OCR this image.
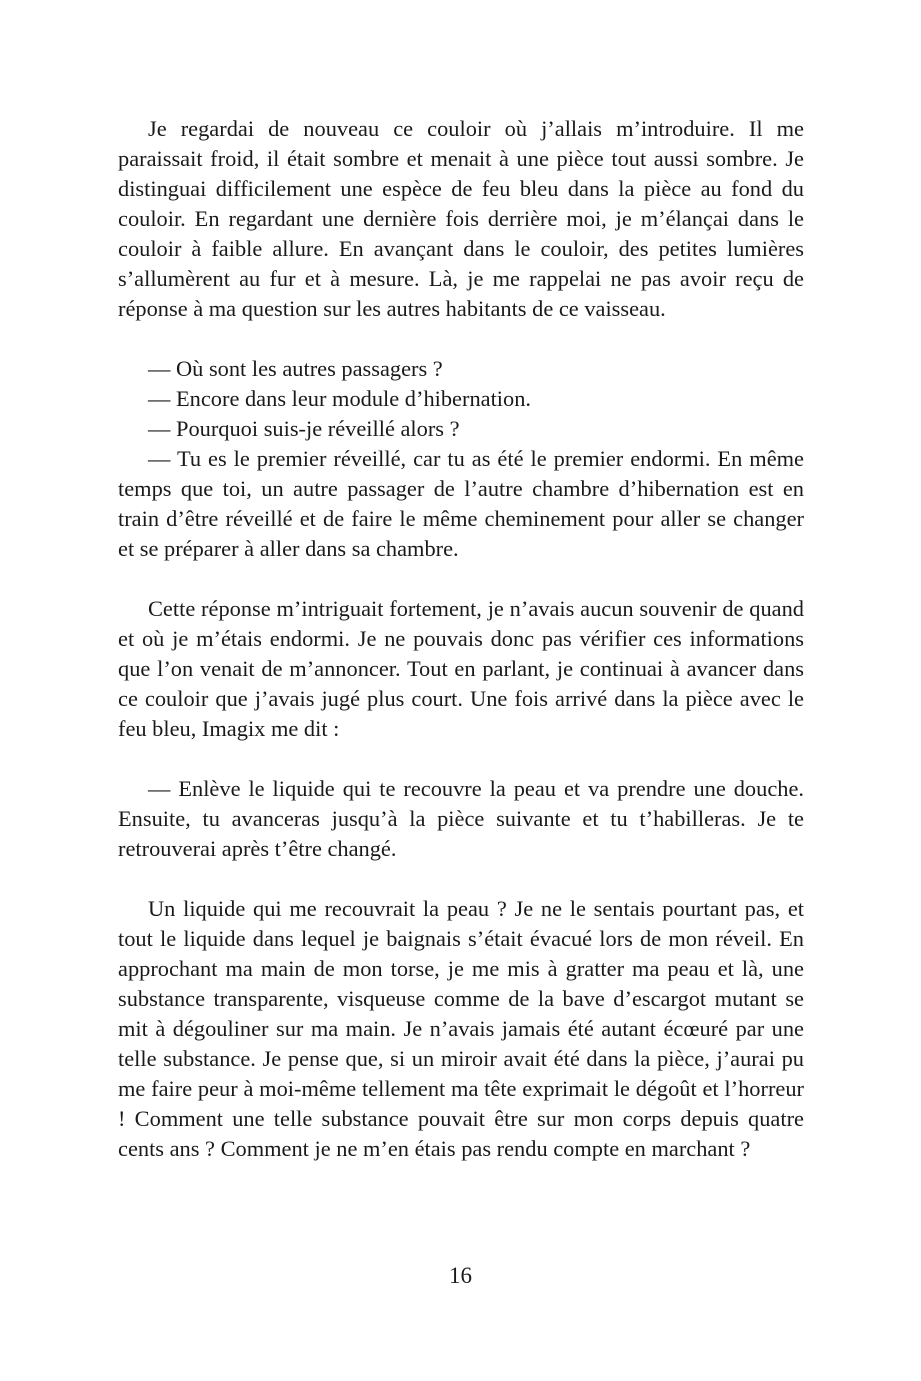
Je regardai de nouveau ce couloir où j’allais m’introduire. Il me paraissait froid, il était sombre et menait à une pièce tout aussi sombre. Je distinguai difficilement une espèce de feu bleu dans la pièce au fond du couloir. En regardant une dernière fois derrière moi, je m’élançai dans le couloir à faible allure. En avançant dans le couloir, des petites lumières s’allumèrent au fur et à mesure. Là, je me rappelai ne pas avoir reçu de réponse à ma question sur les autres habitants de ce vaisseau.

— Où sont les autres passagers ?

— Encore dans leur module d’hibernation.

— Pourquoi suis-je réveillé alors ?

— Tu es le premier réveillé, car tu as été le premier endormi. En même temps que toi, un autre passager de l’autre chambre d’hibernation est en train d’être réveillé et de faire le même cheminement pour aller se changer et se préparer à aller dans sa chambre.

Cette réponse m’intriguait fortement, je n’avais aucun souvenir de quand et où je m’étais endormi. Je ne pouvais donc pas vérifier ces informations que l’on venait de m’annoncer. Tout en parlant, je continuai à avancer dans ce couloir que j’avais jugé plus court. Une fois arrivé dans la pièce avec le feu bleu, Imagix me dit :

— Enlève le liquide qui te recouvre la peau et va prendre une douche. Ensuite, tu avanceras jusqu’à la pièce suivante et tu t’habilleras. Je te retrouverai après t’être changé.

Un liquide qui me recouvrait la peau ? Je ne le sentais pourtant pas, et tout le liquide dans lequel je baignais s’était évacué lors de mon réveil. En approchant ma main de mon torse, je me mis à gratter ma peau et là, une substance transparente, visqueuse comme de la bave d’escargot mutant se mit à dégouliner sur ma main. Je n’avais jamais été autant écœuré par une telle substance. Je pense que, si un miroir avait été dans la pièce, j’aurai pu me faire peur à moi-même tellement ma tête exprimait le dégoût et l’horreur ! Comment une telle substance pouvait être sur mon corps depuis quatre cents ans ? Comment je ne m’en étais pas rendu compte en marchant ?

16
